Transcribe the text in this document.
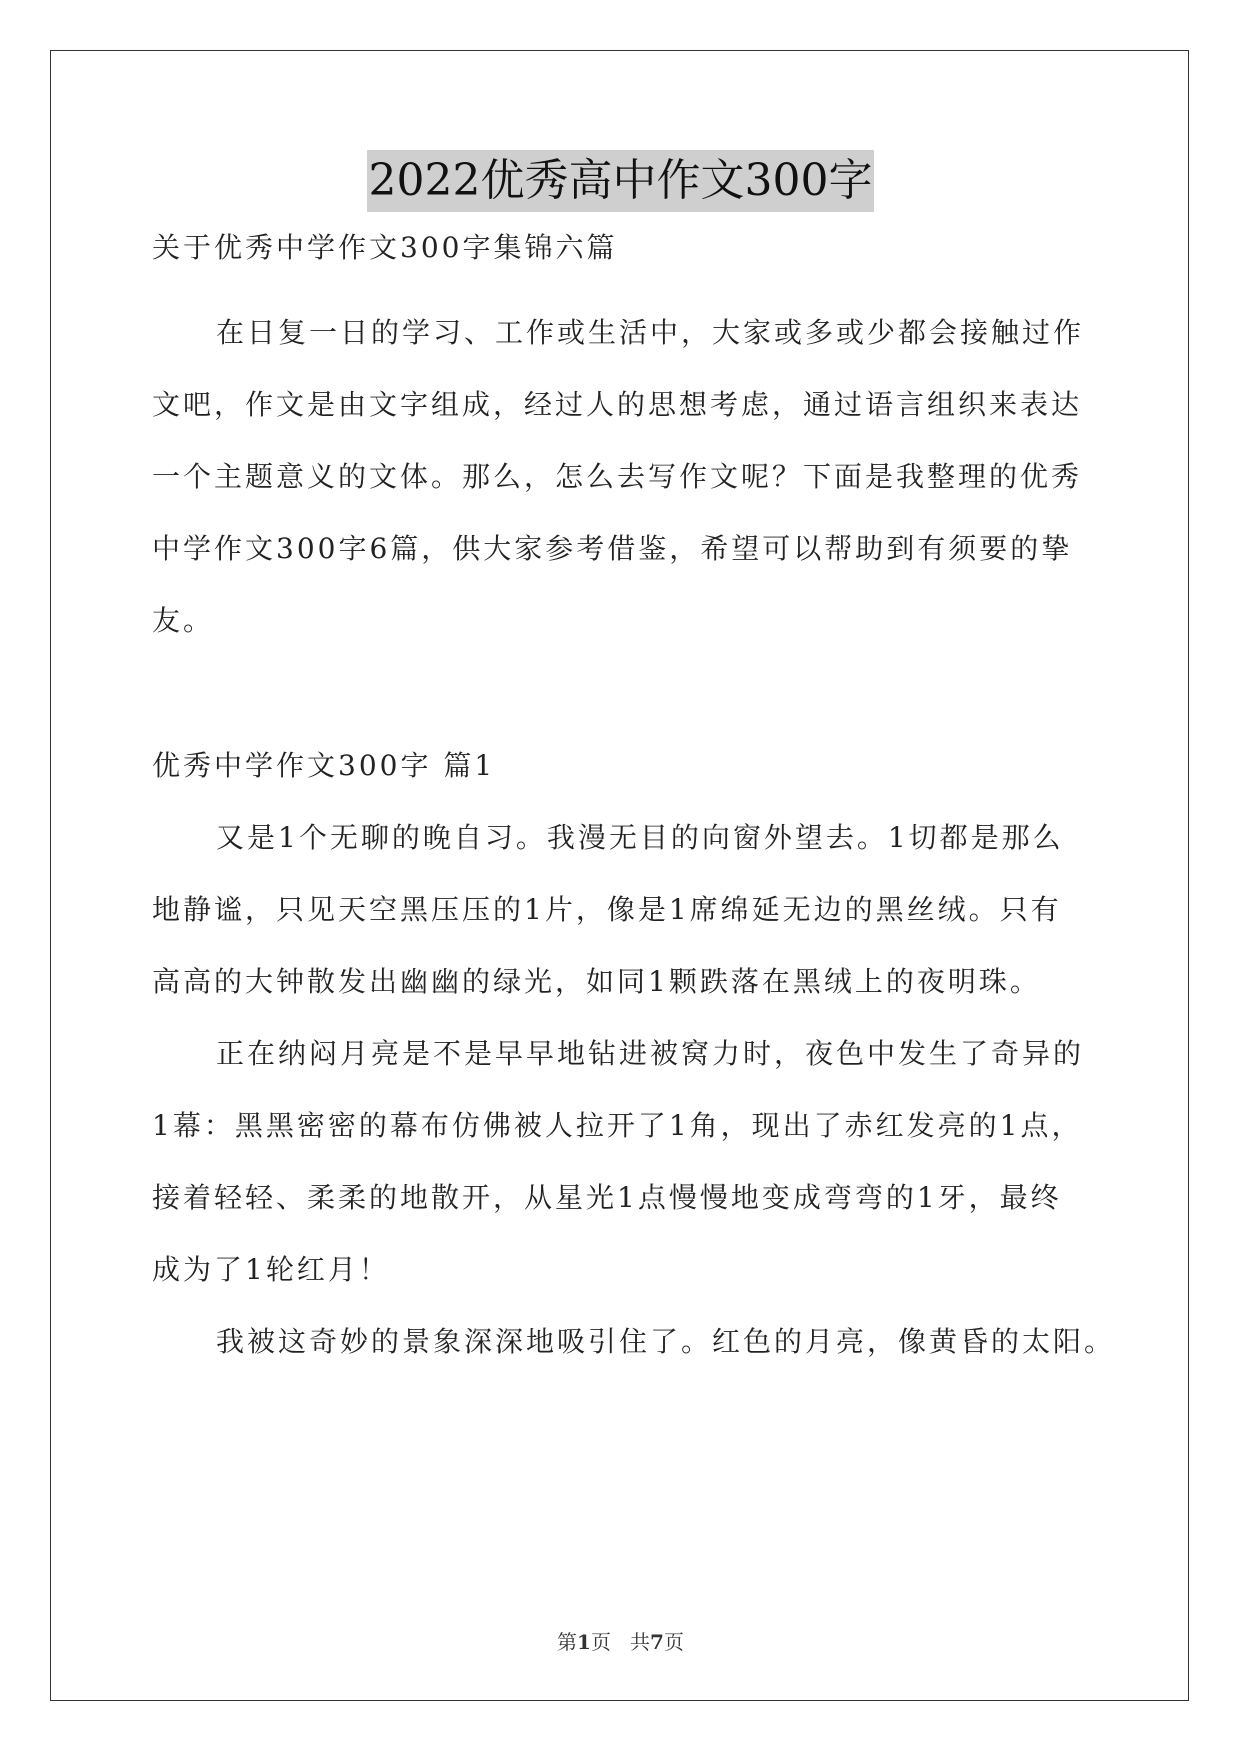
2022优秀高中作文300字
关于优秀中学作文300字集锦六篇
在日复一日的学习、工作或生活中，大家或多或少都会接触过作
文吧，作文是由文字组成，经过人的思想考虑，通过语言组织来表达
一个主题意义的文体。那么，怎么去写作文呢？下面是我整理的优秀
中学作文300字6篇，供大家参考借鉴，希望可以帮助到有须要的挚
友。
优秀中学作文300字 篇1
又是1个无聊的晚自习。我漫无目的向窗外望去。1切都是那么
地静谧，只见天空黑压压的1片，像是1席绵延无边的黑丝绒。只有
高高的大钟散发出幽幽的绿光，如同1颗跌落在黑绒上的夜明珠。
正在纳闷月亮是不是早早地钻进被窝力时，夜色中发生了奇异的
1幕：黑黑密密的幕布仿佛被人拉开了1角，现出了赤红发亮的1点，
接着轻轻、柔柔的地散开，从星光1点慢慢地变成弯弯的1牙，最终
成为了1轮红月！
我被这奇妙的景象深深地吸引住了。红色的月亮，像黄昏的太阳。
第1页   共7页
